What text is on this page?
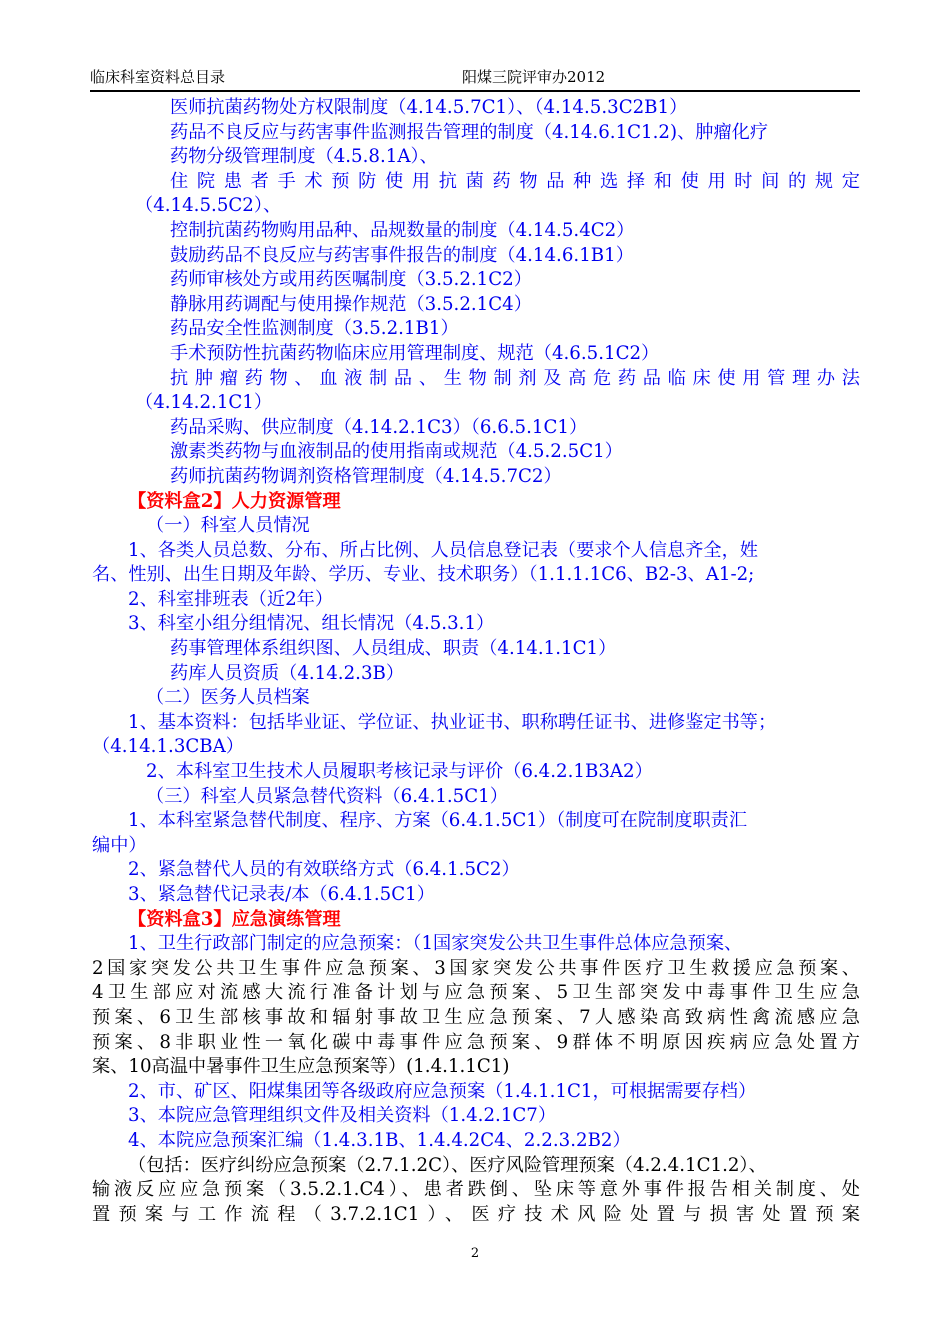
临床科室资料总目录	阳煤三院评审办2012
医师抗菌药物处方权限制度（4.14.5.7C1）、（4.14.5.3C2B1）
药品不良反应与药害事件监测报告管理的制度（4.14.6.1C1.2)、肿瘤化疗
药物分级管理制度（4.5.8.1A）、
住院患者手术预防使用抗菌药物品种选择和使用时间的规定
（4.14.5.5C2）、
控制抗菌药物购用品种、品规数量的制度（4.14.5.4C2）
鼓励药品不良反应与药害事件报告的制度（4.14.6.1B1）
药师审核处方或用药医嘱制度（3.5.2.1C2）
静脉用药调配与使用操作规范（3.5.2.1C4）
药品安全性监测制度（3.5.2.1B1）
手术预防性抗菌药物临床应用管理制度、规范（4.6.5.1C2）
抗肿瘤药物、血液制品、生物制剂及高危药品临床使用管理办法
（4.14.2.1C1）
药品采购、供应制度（4.14.2.1C3）（6.6.5.1C1）
激素类药物与血液制品的使用指南或规范（4.5.2.5C1）
药师抗菌药物调剂资格管理制度（4.14.5.7C2）
【资料盒2】人力资源管理
（一）科室人员情况
1、各类人员总数、分布、所占比例、人员信息登记表（要求个人信息齐全，姓
名、性别、出生日期及年龄、学历、专业、技术职务）（1.1.1.1C6、B2-3、A1-2;
2、科室排班表（近2年）
3、科室小组分组情况、组长情况（4.5.3.1）
药事管理体系组织图、人员组成、职责（4.14.1.1C1）
药库人员资质（4.14.2.3B）
（二）医务人员档案
1、基本资料：包括毕业证、学位证、执业证书、职称聘任证书、进修鉴定书等；
（4.14.1.3CBA）
2、本科室卫生技术人员履职考核记录与评价（6.4.2.1B3A2）
（三）科室人员紧急替代资料（6.4.1.5C1）
1、本科室紧急替代制度、程序、方案（6.4.1.5C1）（制度可在院制度职责汇
编中）
2、紧急替代人员的有效联络方式（6.4.1.5C2）
3、紧急替代记录表/本（6.4.1.5C1）
【资料盒3】应急演练管理
1、卫生行政部门制定的应急预案：（1国家突发公共卫生事件总体应急预案、
2国家突发公共卫生事件应急预案、3国家突发公共事件医疗卫生救援应急预案、
4卫生部应对流感大流行准备计划与应急预案、5卫生部突发中毒事件卫生应急
预案、6卫生部核事故和辐射事故卫生应急预案、7人感染高致病性禽流感应急
预案、8非职业性一氧化碳中毒事件应急预案、9群体不明原因疾病应急处置方
案、10高温中暑事件卫生应急预案等）(1.4.1.1C1)
2、市、矿区、阳煤集团等各级政府应急预案（1.4.1.1C1，可根据需要存档）
3、本院应急管理组织文件及相关资料（1.4.2.1C7）
4、本院应急预案汇编（1.4.3.1B、1.4.4.2C4、2.2.3.2B2）
（包括：医疗纠纷应急预案（2.7.1.2C）、医疗风险管理预案（4.2.4.1C1.2）、
输液反应应急预案（3.5.2.1.C4）、患者跌倒、坠床等意外事件报告相关制度、处
置预案与工作流程（3.7.2.1C1）、医疗技术风险处置与损害处置预案
2
